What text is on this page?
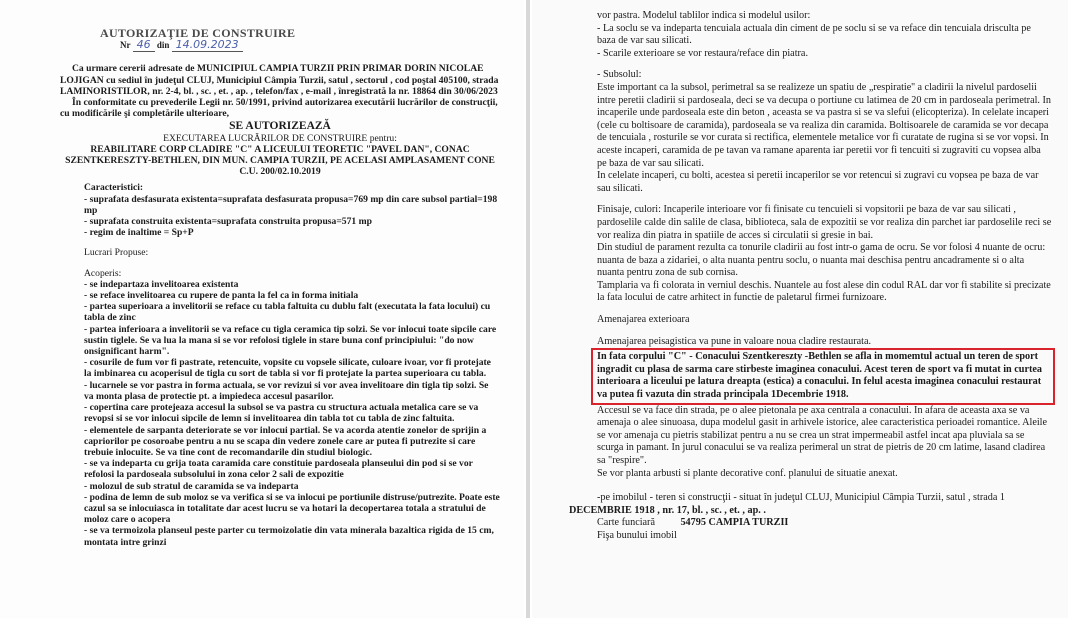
AUTORIZAŢIE DE CONSTRUIRE

Nr 46 din 14.09.2023

Ca urmare cererii adresate de MUNICIPIUL CAMPIA TURZII PRIN PRIMAR DORIN NICOLAE LOJIGAN cu sediul în judeţul CLUJ, Municipiul Câmpia Turzii, satul , sectorul , cod poştal 405100, strada LAMINORISTILOR, nr. 2-4, bl. , sc. , et. , ap. , telefon/fax , e-mail , înregistrată la nr. 18864 din 30/06/2023

În conformitate cu prevederile Legii nr. 50/1991, privind autorizarea executării lucrărilor de construcţii, cu modificările şi completările ulterioare,

SE AUTORIZEAZĂ

EXECUTAREA LUCRĂRILOR DE CONSTRUIRE pentru:

REABILITARE CORP CLADIRE "C" A LICEULUI TEORETIC "PAVEL DAN", CONAC SZENTKERESZTY-BETHLEN, DIN MUN. CAMPIA TURZII, PE ACELASI AMPLASAMENT CONE C.U. 200/02.10.2019

Caracteristici:

- suprafata desfasurata existenta=suprafata desfasurata propusa=769 mp din care subsol partial=198 mp

- suprafata construita existenta=suprafata construita propusa=571 mp

- regim de inaltime = Sp+P

Lucrari Propuse:

Acoperis:

- se indepartaza invelitoarea existenta

- se reface invelitoarea cu rupere de panta la fel ca in forma initiala

- partea superioara a invelitorii se reface cu tabla faltuita cu dublu falt (executata la fata locului) cu tabla de zinc

- partea inferioara a invelitorii se va reface cu tigla ceramica tip solzi. Se vor inlocui toate sipcile care sustin tiglele. Se va lua la mana si se vor refolosi tiglele in stare buna conf principiului: "do now onsignificant harm".

- cosurile de fum vor fi pastrate, retencuite, vopsite cu vopsele silicate, culoare ivoar, vor fi protejate la imbinarea cu acoperisul de tigla cu sort de tabla si vor fi protejate la partea superioara cu tabla.

- lucarnele se vor pastra in forma actuala, se vor revizui si vor avea invelitoare din tigla tip solzi. Se va monta plasa de protectie pt. a impiedeca accesul pasarilor.

- copertina care protejeaza accesul la subsol se va pastra cu structura actuala metalica care se va revopsi si se vor inlocui sipcile de lemn si invelitoarea din tabla tot cu tabla de zinc faltuita.

- elementele de sarpanta deteriorate se vor inlocui partial. Se va acorda atentie zonelor de sprijin a capriorilor pe cosoroabe pentru a nu se scapa din vedere zonele care ar putea fi putrezite si care trebuie inlocuite. Se va tine cont de recomandarile din studiul biologic.

- se va indeparta cu grija toata caramida care constituie pardoseala planseului din pod si se vor refolosi la pardoseala subsolului in zona celor 2 sali de expozitie

- molozul de sub stratul de caramida se va indeparta

- podina de lemn de sub moloz se va verifica si se va inlocui pe portiunile distruse/putrezite. Poate este cazul sa se inlocuiasca in totalitate dar acest lucru se va hotari la decopertarea totala a stratului de moloz care o acopera

- se va termoizola planseul peste parter cu termoizolatie din vata minerala bazaltica rigida de 15 cm, montata intre grinzi

vor pastra. Modelul tablilor indica si modelul usilor:

- La soclu se va indeparta tencuiala actuala din ciment de pe soclu si se va reface din tencuiala drisculta pe baza de var sau silicati.

- Scarile exterioare se vor restaura/reface din piatra.

- Subsolul:

Este important ca la subsol, perimetral sa se realizeze un spatiu de „respiratie'' a cladirii la nivelul pardoselii intre peretii cladirii si pardoseala, deci se va decupa o portiune cu latimea de 20 cm in pardoseala perimetral. In incaperile unde pardoseala este din beton , aceasta se va pastra si se va slefui (elicopteriza). In celelate incaperi (cele cu boltisoare de caramida), pardoseala se va realiza din caramida. Boltisoarele de caramida se vor decapa de tencuiala , rosturile se vor curata si rectifica, elementele metalice vor fi curatate de rugina si se vor vopsi. In aceste incaperi, caramida de pe tavan va ramane aparenta iar peretii vor fi tencuiti si zugraviti cu vopsea alba pe baza de var sau silicati.

In celelate incaperi, cu bolti, acestea si peretii incaperilor se vor retencui si zugravi cu vopsea pe baza de var sau silicati.

Finisaje, culori: Incaperile interioare vor fi finisate cu tencuieli si vopsitorii pe baza de var sau silicati , pardoselile calde din salile de clasa, biblioteca, sala de expozitii se vor realiza din parchet iar pardoselile reci se vor realiza din piatra in spatiile de acces si circulatii si gresie in bai.

Din studiul de parament rezulta ca tonurile cladirii au fost intr-o gama de ocru. Se vor folosi 4 nuante de ocru: nuanta de baza a zidariei, o alta nuanta pentru soclu, o nuanta mai deschisa pentru ancadramente si o alta nuanta pentru zona de sub cornisa.

Tamplaria va fi colorata in verniul deschis. Nuantele au fost alese din codul RAL dar vor fi stabilite si precizate la fata locului de catre arhitect in functie de paletarul firmei furnizoare.

Amenajarea exterioara

Amenajarea peisagistica va pune in valoare noua cladire restaurata.

In fata corpului "C" - Conacului Szentkereszty -Bethlen se afla in momemtul actual un teren de sport ingradit cu plasa de sarma care stirbeste imaginea conacului. Acest teren de sport va fi mutat in curtea interioara a liceului pe latura dreapta (estica) a conacului. In felul acesta imaginea conacului restaurat va putea fi vazuta din strada principala 1Decembrie 1918.

Accesul se va face din strada, pe o alee pietonala pe axa centrala a conacului. In afara de aceasta axa se va amenaja o alee sinuoasa, dupa modelul gasit in arhivele istorice, alee caracteristica perioadei romantice. Aleile se vor amenaja cu pietris stabilizat pentru a nu se crea un strat impermeabil astfel incat apa pluviala sa se scurga in pamant. In jurul conacului se va realiza perimeral un strat de pietris de 20 cm latime, lasand cladirea sa "respire".

Se vor planta arbusti si plante decorative conf. planului de situatie anexat.

-pe imobilul - teren si construcţii - situat în judeţul CLUJ, Municipiul Câmpia Turzii, satul , strada 1

DECEMBRIE 1918 , nr. 17, bl. , sc. , et. , ap. .

Carte funciară 54795 CAMPIA TURZII

Fişa bunului imobil
